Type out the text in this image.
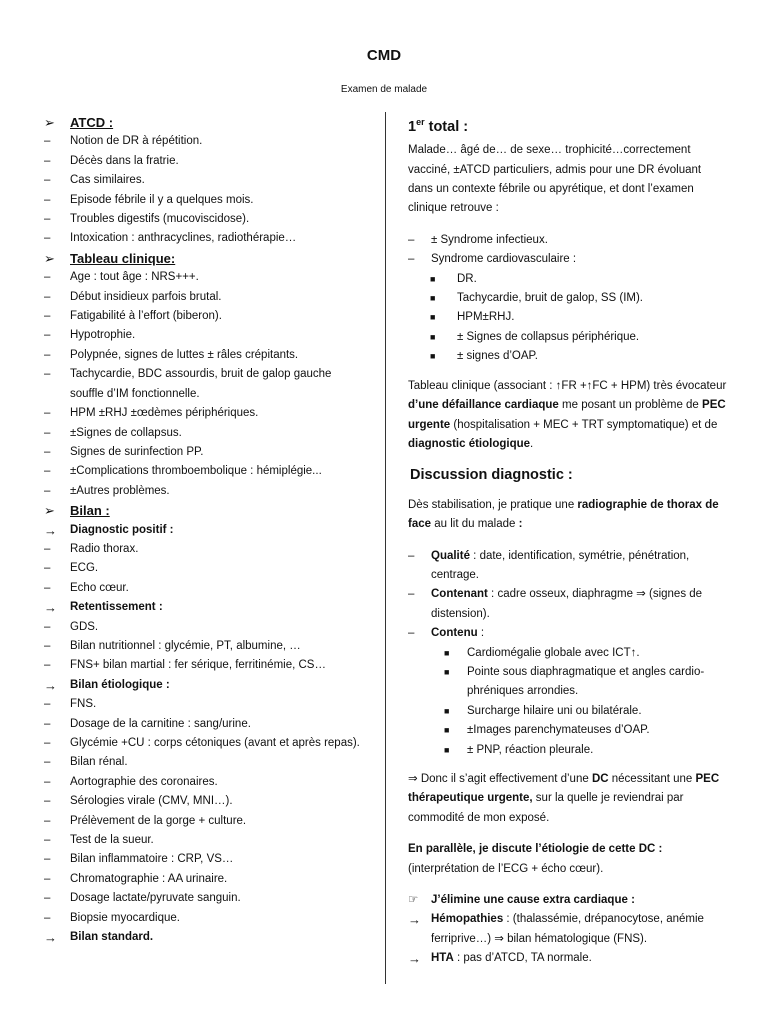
CMD
Examen de malade
➢	ATCD :
–	Notion de DR à répétition.
–	Décès dans la fratrie.
–	Cas similaires.
–	Episode fébrile il y a quelques mois.
–	Troubles digestifs (mucoviscidose).
–	Intoxication : anthracyclines, radiothérapie…
➢	Tableau clinique:
–	Age : tout âge : NRS+++.
–	Début insidieux parfois brutal.
–	Fatigabilité à l’effort (biberon).
–	Hypotrophie.
–	Polypnée, signes de luttes ± râles crépitants.
–	Tachycardie, BDC assourdis, bruit de galop gauche souffle d’IM fonctionnelle.
–	HPM ±RHJ ±œdèmes périphériques.
–	±Signes de collapsus.
–	Signes de surinfection PP.
–	±Complications thromboembolique : hémiplégie...
–	±Autres problèmes.
➢	Bilan :
→	Diagnostic positif :
–	Radio thorax.
–	ECG.
–	Echo cœur.
→	Retentissement :
–	GDS.
–	Bilan nutritionnel : glycémie, PT, albumine, …
–	FNS+ bilan martial : fer sérique, ferritinémie, CS…
→	Bilan étiologique :
–	FNS.
–	Dosage de la carnitine : sang/urine.
–	Glycémie +CU : corps cétoniques (avant et après repas).
–	Bilan rénal.
–	Aortographie des coronaires.
–	Sérologies virale (CMV, MNI…).
–	Prélèvement de la gorge + culture.
–	Test de la sueur.
–	Bilan inflammatoire : CRP, VS…
–	Chromatographie : AA urinaire.
–	Dosage lactate/pyruvate sanguin.
–	Biopsie myocardique.
→	Bilan standard.
1er total :
Malade… âgé de… de sexe… trophicité…correctement vacciné, ±ATCD particuliers, admis pour une DR évoluant dans un contexte fébrile ou apyrétique, et dont l’examen clinique retrouve :
–	± Syndrome infectieux.
–	Syndrome cardiovasculaire :
■	DR.
■	Tachycardie, bruit de galop, SS (IM).
■	HPM±RHJ.
■	± Signes de collapsus périphérique.
■	± signes d’OAP.
Tableau clinique (associant : ↑FR +↑FC + HPM) très évocateur d’une défaillance cardiaque me posant un problème de PEC urgente (hospitalisation + MEC + TRT symptomatique) et de diagnostic étiologique.
Discussion diagnostic :
Dès stabilisation, je pratique une radiographie de thorax de face au lit du malade :
–	Qualité : date, identification, symétrie, pénétration, centrage.
–	Contenant : cadre osseux, diaphragme ⇒ (signes de distension).
–	Contenu :
■	Cardiomégalie globale avec ICT↑.
■	Pointe sous diaphragmatique et angles cardio-phréniques arrondies.
■	Surcharge hilaire uni ou bilatérale.
■	±Images parenchymateuses d’OAP.
■	± PNP, réaction pleurale.
⇒ Donc il s’agit effectivement d’une DC nécessitant une PEC thérapeutique urgente, sur la quelle je reviendrai par commodité de mon exposé.
En parallèle, je discute l’étiologie de cette DC : (interprétation de l’ECG + écho cœur).
☞	J’élimine une cause extra cardiaque :
→ Hémopathies : (thalassémie, drépanocytose, anémie ferriprive…) ⇒ bilan hématologique (FNS).
→ HTA : pas d’ATCD, TA normale.
